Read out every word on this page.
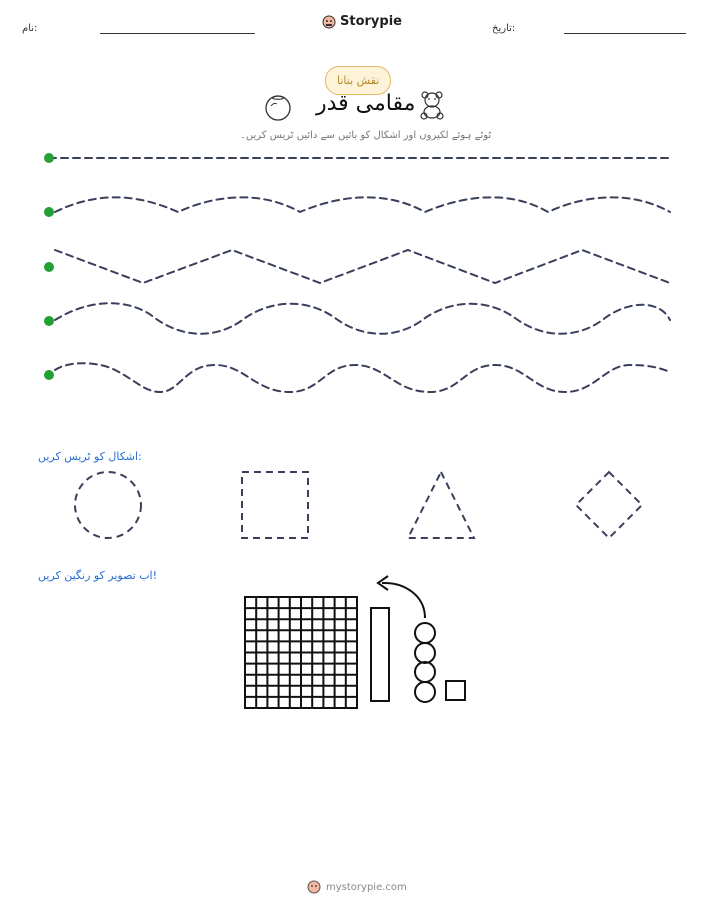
نام:	Storypie	تاریخ:
نقش بنانا
مقامی قدر
ٹوٹے ہوئے لکیروں اور اشکال کو بائیں سے دائیں ٹریس کریں۔
اشکال کو ٹریس کریں:
اب تصویر کو رنگین کریں!
mystorypie.com
